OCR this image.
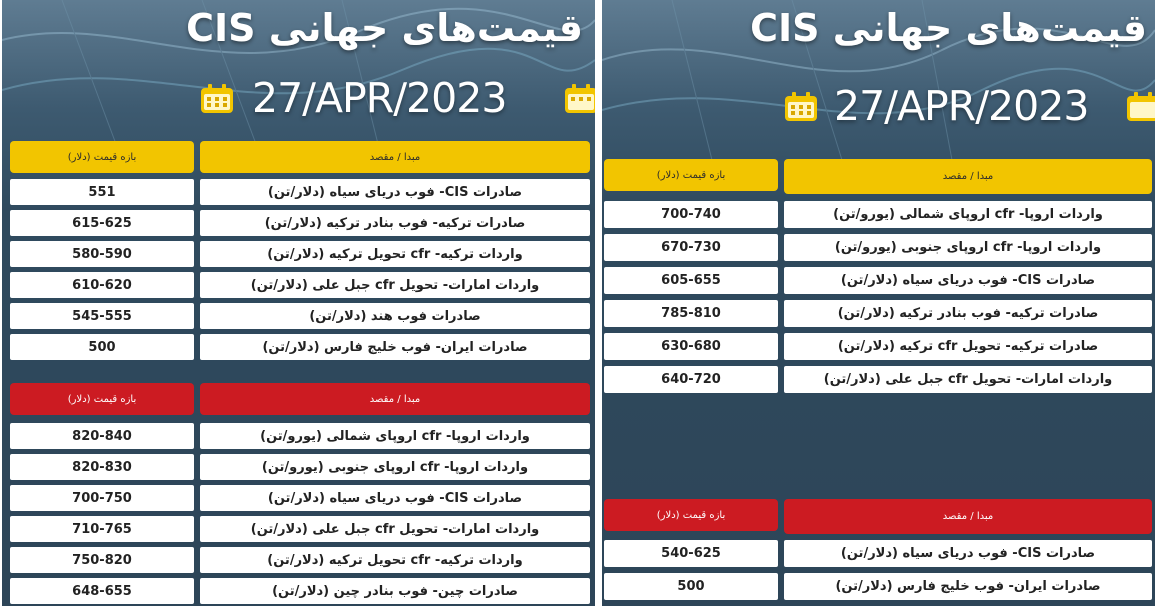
قیمت‌های جهانی CIS
27/APR/2023
بازه قیمت (دلار)	مبدا / مقصد
551	صادرات CIS- فوب دریای سیاه (دلار/تن)
615-625	صادرات ترکیه- فوب بنادر ترکیه (دلار/تن)
580-590	واردات ترکیه- cfr تحویل ترکیه (دلار/تن)
610-620	واردات امارات- تحویل cfr جبل علی (دلار/تن)
545-555	صادرات فوب هند (دلار/تن)
500	صادرات ایران- فوب خلیج فارس (دلار/تن)
بازه قیمت (دلار)	مبدا / مقصد
820-840	واردات اروپا- cfr اروپای شمالی (یورو/تن)
820-830	واردات اروپا- cfr اروپای جنوبی (یورو/تن)
700-750	صادرات CIS- فوب دریای سیاه (دلار/تن)
710-765	واردات امارات- تحویل cfr جبل علی (دلار/تن)
750-820	واردات ترکیه- cfr تحویل ترکیه (دلار/تن)
648-655	صادرات چین- فوب بنادر چین (دلار/تن)
قیمت‌های جهانی CIS
27/APR/2023
بازه قیمت (دلار)	مبدا / مقصد
700-740	واردات اروپا- cfr اروپای شمالی (یورو/تن)
670-730	واردات اروپا- cfr اروپای جنوبی (یورو/تن)
605-655	صادرات CIS- فوب دریای سیاه (دلار/تن)
785-810	صادرات ترکیه- فوب بنادر ترکیه (دلار/تن)
630-680	صادرات ترکیه- تحویل cfr ترکیه (دلار/تن)
640-720	واردات امارات- تحویل cfr جبل علی (دلار/تن)
بازه قیمت (دلار)	مبدا / مقصد
540-625	صادرات CIS- فوب دریای سیاه (دلار/تن)
500	صادرات ایران- فوب خلیج فارس (دلار/تن)
